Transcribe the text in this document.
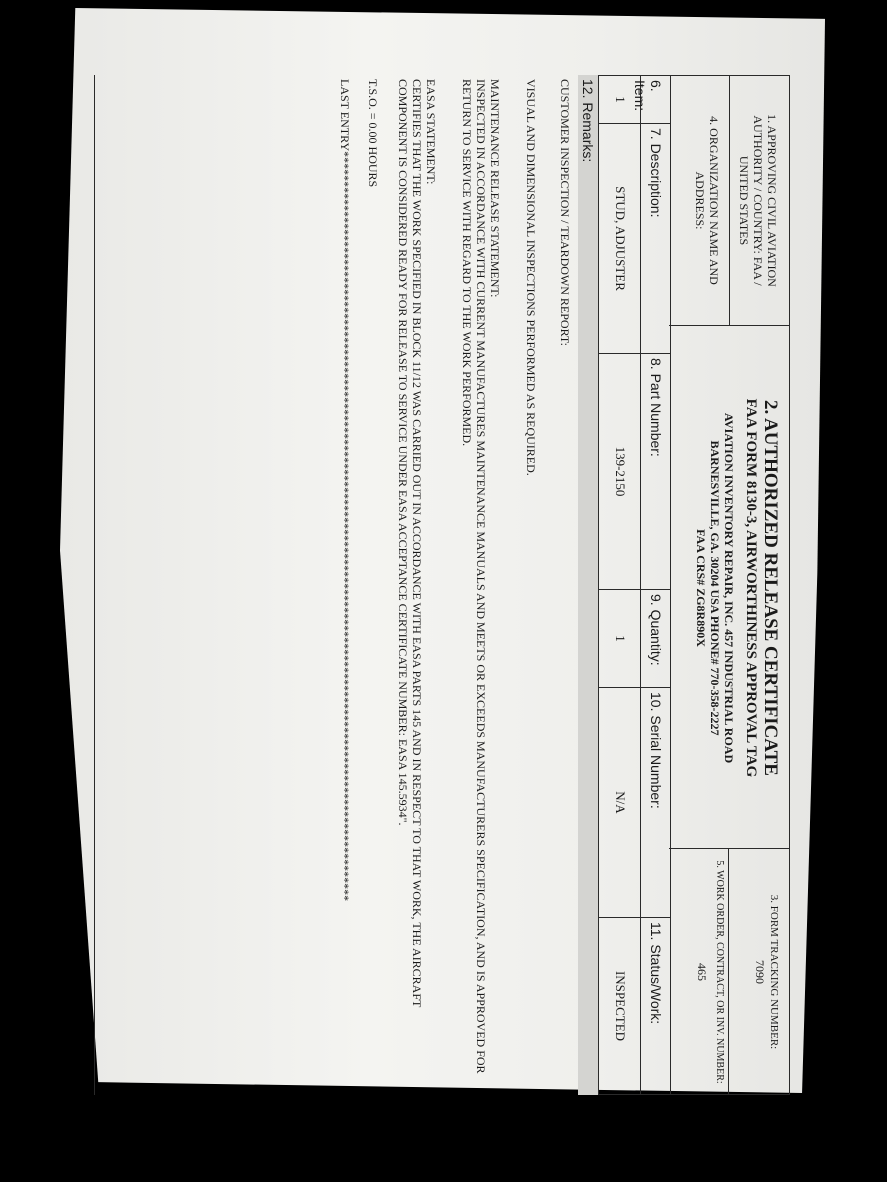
1. APPROVING CIVIL AVIATION AUTHORITY / COUNTRY: FAA / UNITED STATES
4. ORGANIZATION NAME AND ADDRESS:
2. AUTHORIZED RELEASE CERTIFICATE
FAA FORM 8130-3, AIRWORTHINESS APPROVAL TAG
AVIATION INVENTORY REPAIR, INC. 457 INDUSTRIAL ROAD
BARNESVILLE, GA. 30204 USA PHONE# 770-358-2227
FAA CRS# ZG8R890X
3. FORM TRACKING NUMBER:
7090
5. WORK ORDER, CONTRACT, OR INV. NUMBER:
465
6. Item:
7. Description:
8. Part Number:
9. Quantity:
10. Serial Number:
11. Status/Work:
1
STUD, ADJUSTER
139-2150
1
N/A
INSPECTED
12. Remarks:

CUSTOMER INSPECTION / TEARDOWN REPORT:

VISUAL AND DIMENSIONAL INSPECTIONS PERFORMED AS REQUIRED.

MAINTENANCE RELEASE STATEMENT:

INSPECTED IN ACCORDANCE WITH CURRENT MANUFACTURES MAINTENANCE MANUALS AND MEETS OR EXCEEDS MANUFACTURERS SPECIFICATION, AND IS APPROVED FOR RETURN TO SERVICE WITH REGARD TO THE WORK PERFORMED.

EASA STATEMENT:

CERTIFIES THAT THE WORK SPECIFIED IN BLOCK 11/12 WAS CARRIED OUT IN ACCORDANCE WITH EASA PARTS 145 AND IN RESPECT TO THAT WORK, THE AIRCRAFT COMPONENT IS CONSIDERED READY FOR RELEASE TO SERVICE UNDER EASA ACCEPTANCE CERTIFICATE NUMBER: EASA 145.5934".

T.S.O. = 0.00 HOURS

LAST ENTRY*****************************************************************************************************************************
